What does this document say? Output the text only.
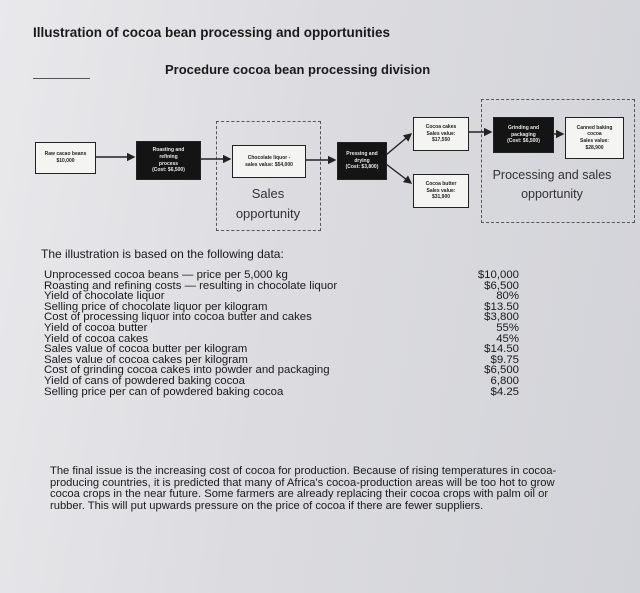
Illustration of cocoa bean processing and opportunities
Procedure cocoa bean processing division
Raw cacao beans
$10,000
Roasting and
refining
process
(Cost: $6,500)
Chocolate liquor -
sales value: $54,000
Sales
opportunity
Pressing and
drying
(Cost: $3,800)
Cocoa cakes
Sales value:
$17,550
Cocoa butter
Sales value:
$31,900
Grinding and
packaging
(Cost: $6,500)
Canned baking
cocoa
Sales value:
$28,900
Processing and sales
opportunity
The illustration is based on the following data:
Unprocessed cocoa beans — price per 5,000 kg	$10,000
Roasting and refining costs — resulting in chocolate liquor	$6,500
Yield of chocolate liquor	80%
Selling price of chocolate liquor per kilogram	$13.50
Cost of processing liquor into cocoa butter and cakes	$3,800
Yield of cocoa butter	55%
Yield of cocoa cakes	45%
Sales value of cocoa butter per kilogram	$14.50
Sales value of cocoa cakes per kilogram	$9.75
Cost of grinding cocoa cakes into powder and packaging	$6,500
Yield of cans of powdered baking cocoa	6,800
Selling price per can of powdered baking cocoa	$4.25
The final issue is the increasing cost of cocoa for production. Because of rising temperatures in cocoa-producing countries, it is predicted that many of Africa's cocoa-production areas will be too hot to grow cocoa crops in the near future. Some farmers are already replacing their cocoa crops with palm oil or rubber. This will put upwards pressure on the price of cocoa if there are fewer suppliers.
